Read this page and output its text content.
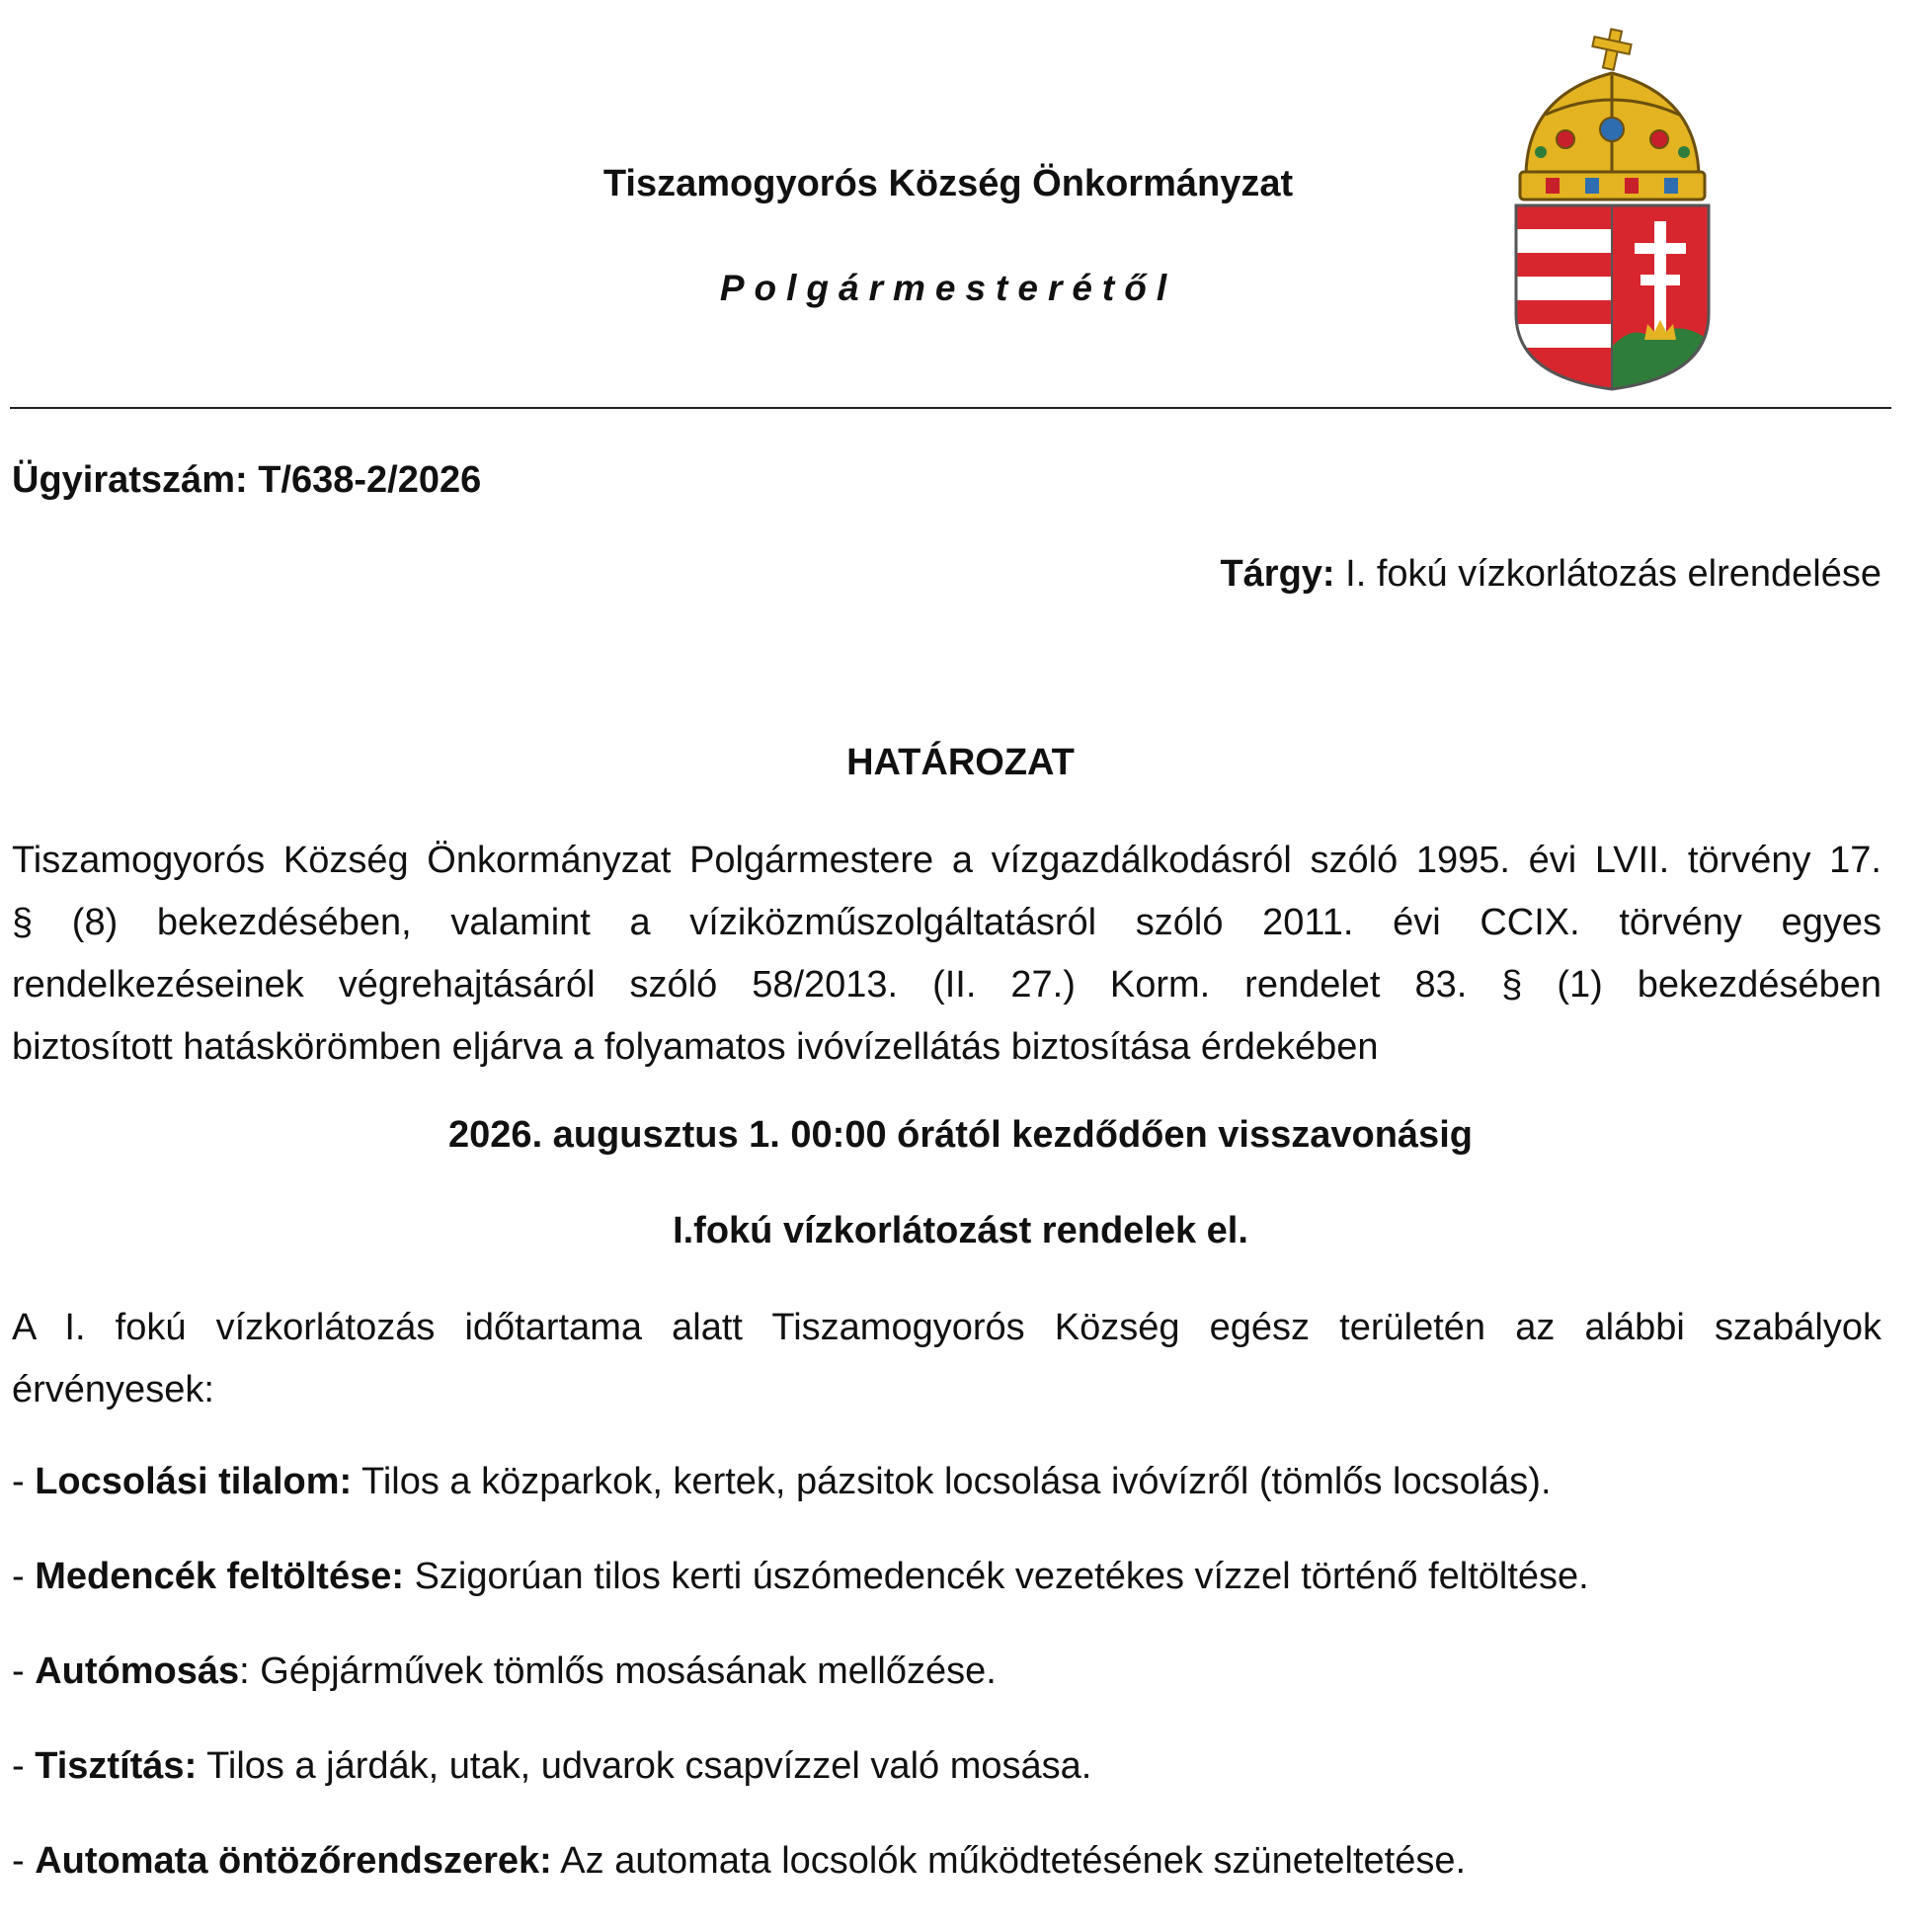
Tiszamogyorós Község Önkormányzat
Polgármesterétől
Ügyiratszám: T/638-2/2026
Tárgy: I. fokú vízkorlátozás elrendelése
HATÁROZAT
Tiszamogyorós Község Önkormányzat Polgármestere a vízgazdálkodásról szóló 1995. évi LVII. törvény 17.
§ (8) bekezdésében, valamint a víziközműszolgáltatásról szóló 2011. évi CCIX. törvény egyes
rendelkezéseinek végrehajtásáról szóló 58/2013. (II. 27.) Korm. rendelet 83. § (1) bekezdésében
biztosított hatáskörömben eljárva a folyamatos ivóvízellátás biztosítása érdekében
2026. augusztus 1. 00:00 órától kezdődően visszavonásig
I.fokú vízkorlátozást rendelek el.
A I. fokú vízkorlátozás időtartama alatt Tiszamogyorós Község egész területén az alábbi szabályok
érvényesek:
- Locsolási tilalom: Tilos a közparkok, kertek, pázsitok locsolása ivóvízről (tömlős locsolás).
- Medencék feltöltése: Szigorúan tilos kerti úszómedencék vezetékes vízzel történő feltöltése.
- Autómosás: Gépjárművek tömlős mosásának mellőzése.
- Tisztítás: Tilos a járdák, utak, udvarok csapvízzel való mosása.
- Automata öntözőrendszerek: Az automata locsolók működtetésének szüneteltetése.
